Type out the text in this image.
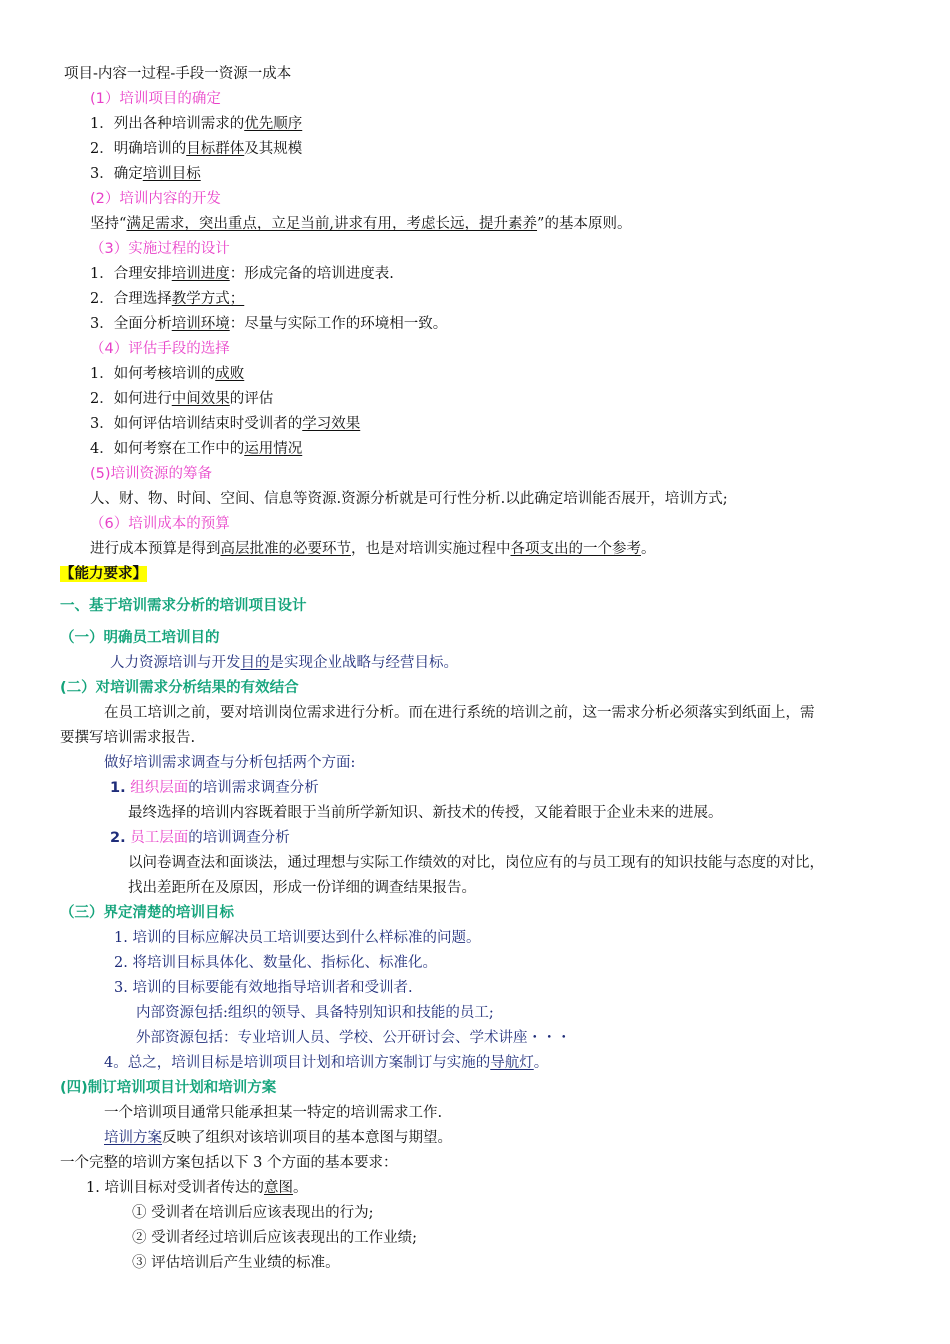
项目-内容一过程-手段一资源一成本
(1）培训项目的确定
1．列出各种培训需求的优先顺序
2．明确培训的目标群体及其规模
3．确定培训目标
(2）培训内容的开发
坚持“满足需求，突出重点，立足当前,讲求有用，考虑长远，提升素养”的基本原则。
（3）实施过程的设计
1．合理安排培训进度：形成完备的培训进度表.
2．合理选择教学方式；
3．全面分析培训环境：尽量与实际工作的环境相一致。
（4）评估手段的选择
1．如何考核培训的成败
2．如何进行中间效果的评估
3．如何评估培训结束时受训者的学习效果
4．如何考察在工作中的运用情况
(5)培训资源的筹备
人、财、物、时间、空间、信息等资源.资源分析就是可行性分析.以此确定培训能否展开，培训方式;
（6）培训成本的预算
进行成本预算是得到高层批准的必要环节，也是对培训实施过程中各项支出的一个参考。
【能力要求】
一、基于培训需求分析的培训项目设计
（一）明确员工培训目的
人力资源培训与开发目的是实现企业战略与经营目标。
(二）对培训需求分析结果的有效结合
在员工培训之前，要对培训岗位需求进行分析。而在进行系统的培训之前，这一需求分析必须落实到纸面上，需
要撰写培训需求报告.
做好培训需求调查与分析包括两个方面:
1. 组织层面的培训需求调查分析
最终选择的培训内容既着眼于当前所学新知识、新技术的传授，又能着眼于企业未来的进展。
2. 员工层面的培训调查分析
以问卷调查法和面谈法，通过理想与实际工作绩效的对比，岗位应有的与员工现有的知识技能与态度的对比，
找出差距所在及原因，形成一份详细的调查结果报告。
（三）界定清楚的培训目标
1. 培训的目标应解决员工培训要达到什么样标准的问题。
2. 将培训目标具体化、数量化、指标化、标准化。
3. 培训的目标要能有效地指导培训者和受训者.
内部资源包括:组织的领导、具备特别知识和技能的员工;
外部资源包括：专业培训人员、学校、公开研讨会、学术讲座・・・
4。总之，培训目标是培训项目计划和培训方案制订与实施的导航灯。
(四)制订培训项目计划和培训方案
一个培训项目通常只能承担某一特定的培训需求工作.
培训方案反映了组织对该培训项目的基本意图与期望。
一个完整的培训方案包括以下 3 个方面的基本要求：
1. 培训目标对受训者传达的意图。
① 受训者在培训后应该表现出的行为;
② 受训者经过培训后应该表现出的工作业绩;
③ 评估培训后产生业绩的标准。
